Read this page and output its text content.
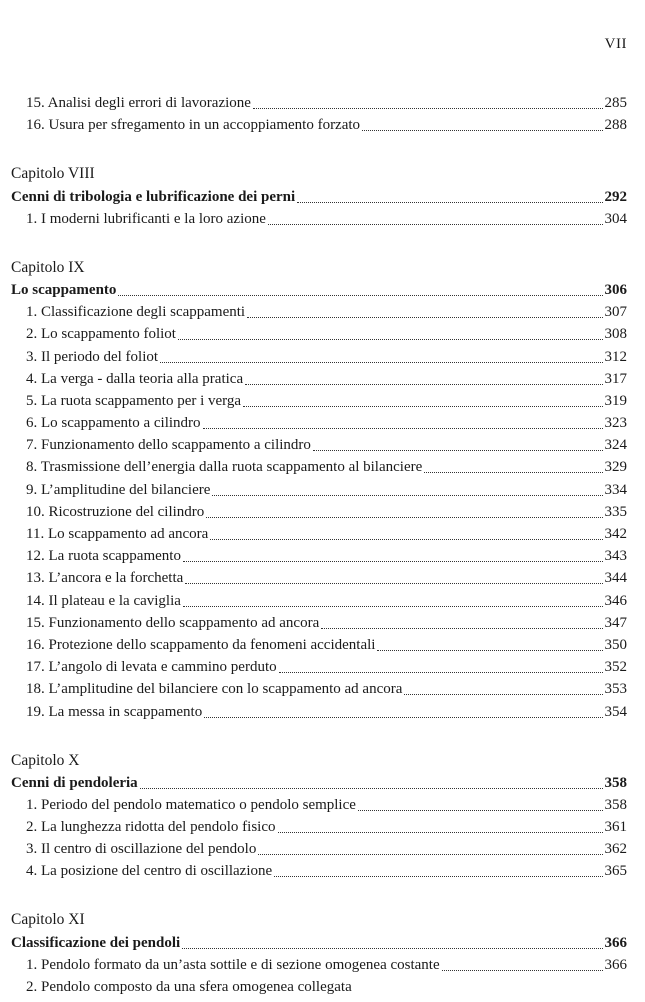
VII
15. Analisi degli errori di lavorazione	285
16. Usura per sfregamento in un accoppiamento forzato	288
Capitolo VIII
Cenni di tribologia e lubrificazione dei perni	292
1. I moderni lubrificanti e la loro azione	304
Capitolo IX
Lo scappamento	306
1. Classificazione degli scappamenti	307
2. Lo scappamento foliot	308
3. Il periodo del foliot	312
4. La verga - dalla teoria alla pratica	317
5. La ruota scappamento per i verga	319
6. Lo scappamento a cilindro	323
7. Funzionamento dello scappamento a cilindro	324
8. Trasmissione dell’energia dalla ruota scappamento al bilanciere	329
9. L’amplitudine del bilanciere	334
10. Ricostruzione del cilindro	335
11. Lo scappamento ad ancora	342
12. La ruota scappamento	343
13. L’ancora e la forchetta	344
14. Il plateau e la caviglia	346
15. Funzionamento dello scappamento ad ancora	347
16. Protezione dello scappamento da fenomeni accidentali	350
17. L’angolo di levata e cammino perduto	352
18. L’amplitudine del bilanciere con lo scappamento ad ancora	353
19. La messa in scappamento	354
Capitolo X
Cenni di pendoleria	358
1. Periodo del pendolo matematico o pendolo semplice	358
2. La lunghezza ridotta del pendolo fisico	361
3. Il centro di oscillazione del pendolo	362
4. La posizione del centro di oscillazione	365
Capitolo XI
Classificazione dei pendoli	366
1. Pendolo formato da un’asta sottile e di sezione omogenea costante	366
2. Pendolo composto da una sfera omogenea collegata
